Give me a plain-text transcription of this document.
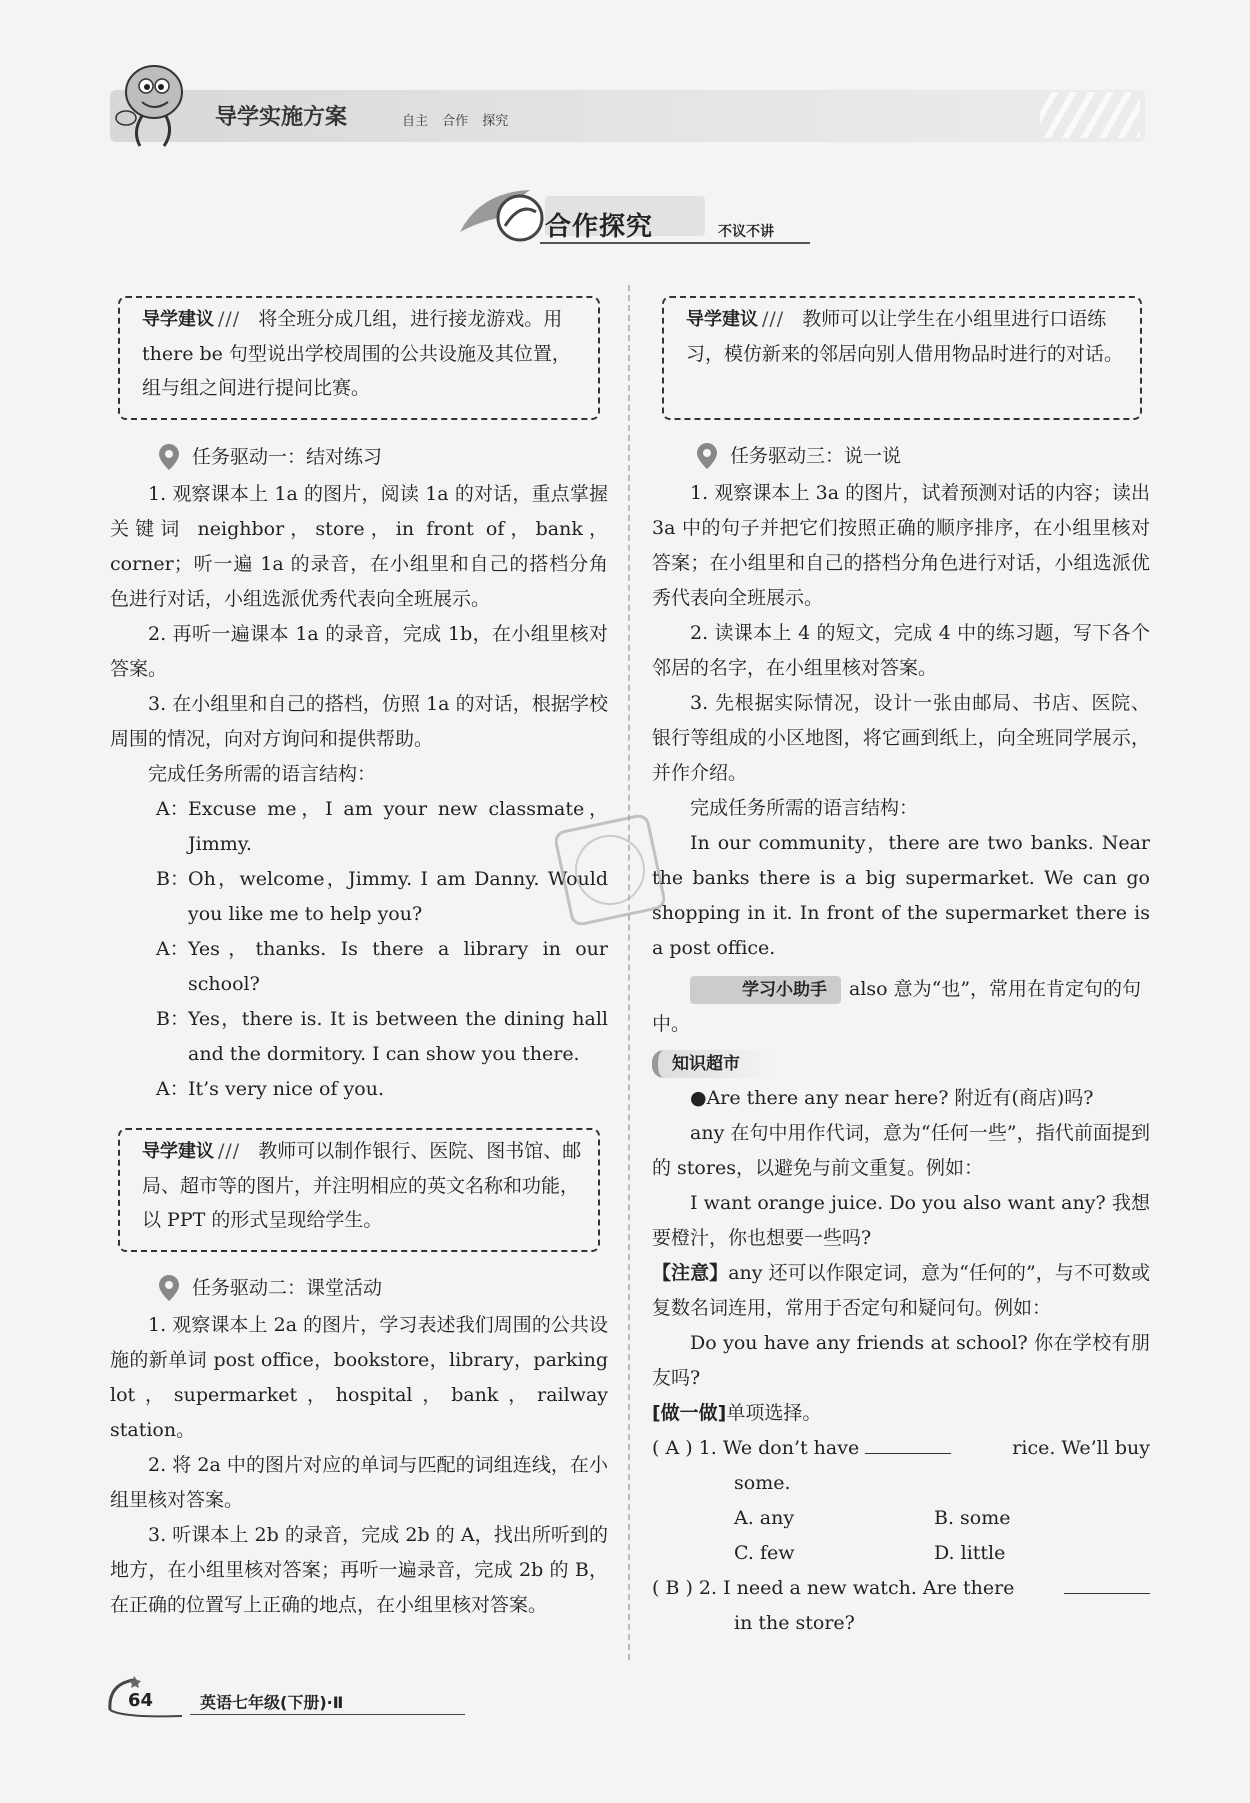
导学实施方案	自主 合作 探究
合作探究	不议不讲
导学建议 /// 将全班分成几组，进行接龙游戏。用 there be 句型说出学校周围的公共设施及其位置，组与组之间进行提问比赛。
任务驱动一：结对练习

1. 观察课本上 1a 的图片，阅读 1a 的对话，重点掌握关键词 neighbor，store，in front of，bank，corner；听一遍 1a 的录音，在小组里和自己的搭档分角色进行对话，小组选派优秀代表向全班展示。

2. 再听一遍课本 1a 的录音，完成 1b，在小组里核对答案。

3. 在小组里和自己的搭档，仿照 1a 的对话，根据学校周围的情况，向对方询问和提供帮助。

完成任务所需的语言结构：

A： Excuse me，I am your new classmate，Jimmy.
B： Oh，welcome，Jimmy. I am Danny. Would you like me to help you?
A： Yes，thanks. Is there a library in our school?
B： Yes，there is. It is between the dining hall and the dormitory. I can show you there.
A： It’s very nice of you.
导学建议 /// 教师可以制作银行、医院、图书馆、邮局、超市等的图片，并注明相应的英文名称和功能，以 PPT 的形式呈现给学生。
任务驱动二：课堂活动

1. 观察课本上 2a 的图片，学习表述我们周围的公共设施的新单词 post office，bookstore，library，parking lot，supermarket，hospital，bank，railway station。

2. 将 2a 中的图片对应的单词与匹配的词组连线，在小组里核对答案。

3. 听课本上 2b 的录音，完成 2b 的 A，找出所听到的地方，在小组里核对答案；再听一遍录音，完成 2b 的 B，在正确的位置写上正确的地点，在小组里核对答案。

导学建议 /// 教师可以让学生在小组里进行口语练习，模仿新来的邻居向别人借用物品时进行的对话。
任务驱动三：说一说

1. 观察课本上 3a 的图片，试着预测对话的内容；读出 3a 中的句子并把它们按照正确的顺序排序，在小组里核对答案；在小组里和自己的搭档分角色进行对话，小组选派优秀代表向全班展示。

2. 读课本上 4 的短文，完成 4 中的练习题，写下各个邻居的名字，在小组里核对答案。

3. 先根据实际情况，设计一张由邮局、书店、医院、银行等组成的小区地图，将它画到纸上，向全班同学展示，并作介绍。

完成任务所需的语言结构：

In our community，there are two banks. Near the banks there is a big supermarket. We can go shopping in it. In front of the supermarket there is a post office.

学习小助手 also 意为“也”，常用在肯定句的句中。

知识超市

●Are there any near here? 附近有(商店)吗?

any 在句中用作代词，意为“任何一些”，指代前面提到的 stores，以避免与前文重复。例如：

I want orange juice. Do you also want any? 我想要橙汁，你也想要一些吗?

【注意】any 还可以作限定词，意为“任何的”，与不可数或复数名词连用，常用于否定句和疑问句。例如：

Do you have any friends at school? 你在学校有朋友吗?

[做一做]单项选择。

( A ) 1. We don’t have	rice. We’ll buy

some.

A. any	B. some
C. few	D. little
( B ) 2. I need a new watch. Are there

in the store?

64	英语七年级(下册)·Ⅱ
